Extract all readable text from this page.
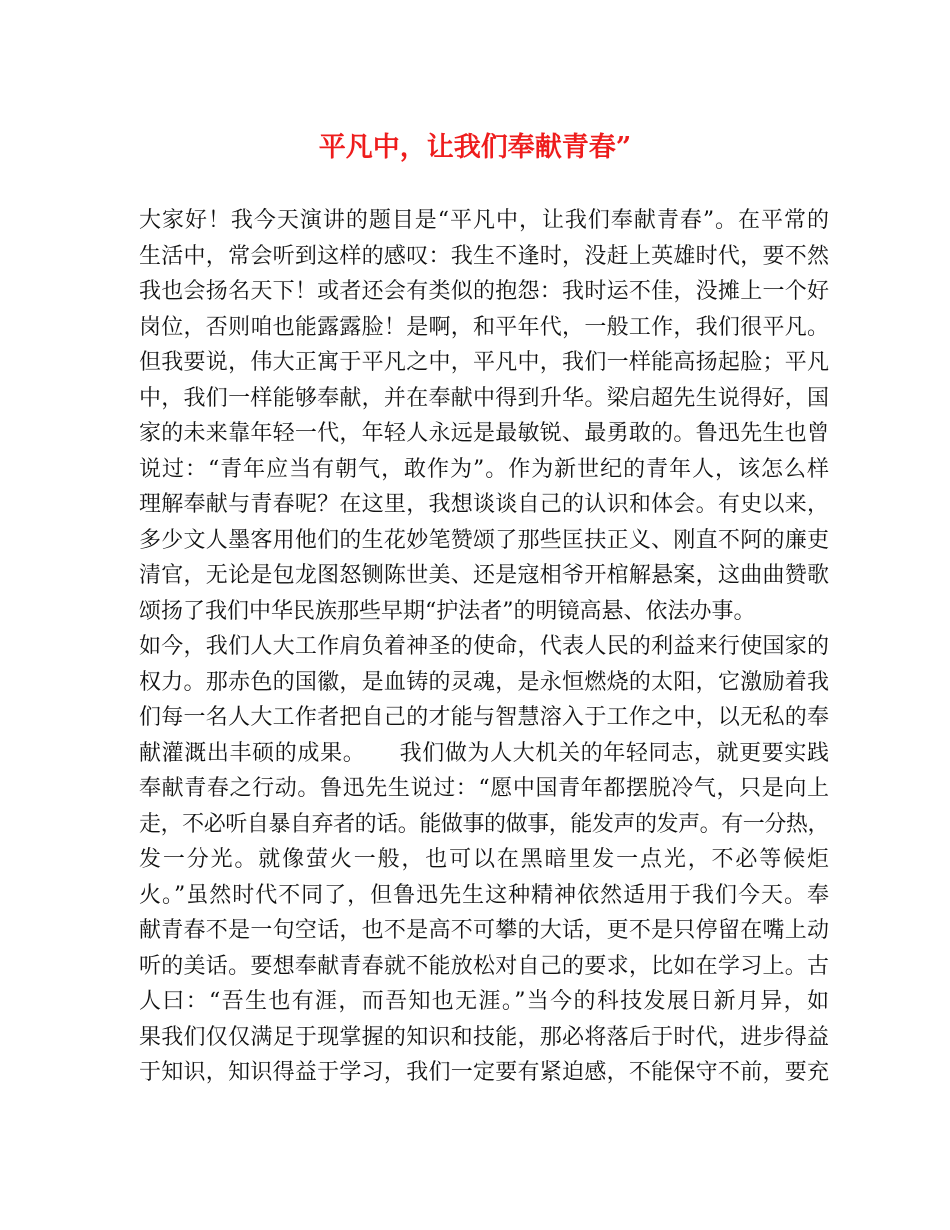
平凡中，让我们奉献青春”
大家好！我今天演讲的题目是“平凡中，让我们奉献青春”。在平常的
生活中，常会听到这样的感叹：我生不逢时，没赶上英雄时代，要不然
我也会扬名天下！或者还会有类似的抱怨：我时运不佳，没摊上一个好
岗位，否则咱也能露露脸！是啊，和平年代，一般工作，我们很平凡。
但我要说，伟大正寓于平凡之中，平凡中，我们一样能高扬起脸；平凡
中，我们一样能够奉献，并在奉献中得到升华。梁启超先生说得好，国
家的未来靠年轻一代，年轻人永远是最敏锐、最勇敢的。鲁迅先生也曾
说过：“青年应当有朝气，敢作为”。作为新世纪的青年人，该怎么样
理解奉献与青春呢？在这里，我想谈谈自己的认识和体会。有史以来，
多少文人墨客用他们的生花妙笔赞颂了那些匡扶正义、刚直不阿的廉吏
清官，无论是包龙图怒铡陈世美、还是寇相爷开棺解悬案，这曲曲赞歌
颂扬了我们中华民族那些早期“护法者”的明镜高悬、依法办事。
如今，我们人大工作肩负着神圣的使命，代表人民的利益来行使国家的
权力。那赤色的国徽，是血铸的灵魂，是永恒燃烧的太阳，它激励着我
们每一名人大工作者把自己的才能与智慧溶入于工作之中，以无私的奉
献灌溉出丰硕的成果。　　我们做为人大机关的年轻同志，就更要实践
奉献青春之行动。鲁迅先生说过：“愿中国青年都摆脱冷气，只是向上
走，不必听自暴自弃者的话。能做事的做事，能发声的发声。有一分热，
发一分光。就像萤火一般，也可以在黑暗里发一点光，不必等候炬
火。”虽然时代不同了，但鲁迅先生这种精神依然适用于我们今天。奉
献青春不是一句空话，也不是高不可攀的大话，更不是只停留在嘴上动
听的美话。要想奉献青春就不能放松对自己的要求，比如在学习上。古
人曰：“吾生也有涯，而吾知也无涯。”当今的科技发展日新月异，如
果我们仅仅满足于现掌握的知识和技能，那必将落后于时代，进步得益
于知识，知识得益于学习，我们一定要有紧迫感，不能保守不前，要充
